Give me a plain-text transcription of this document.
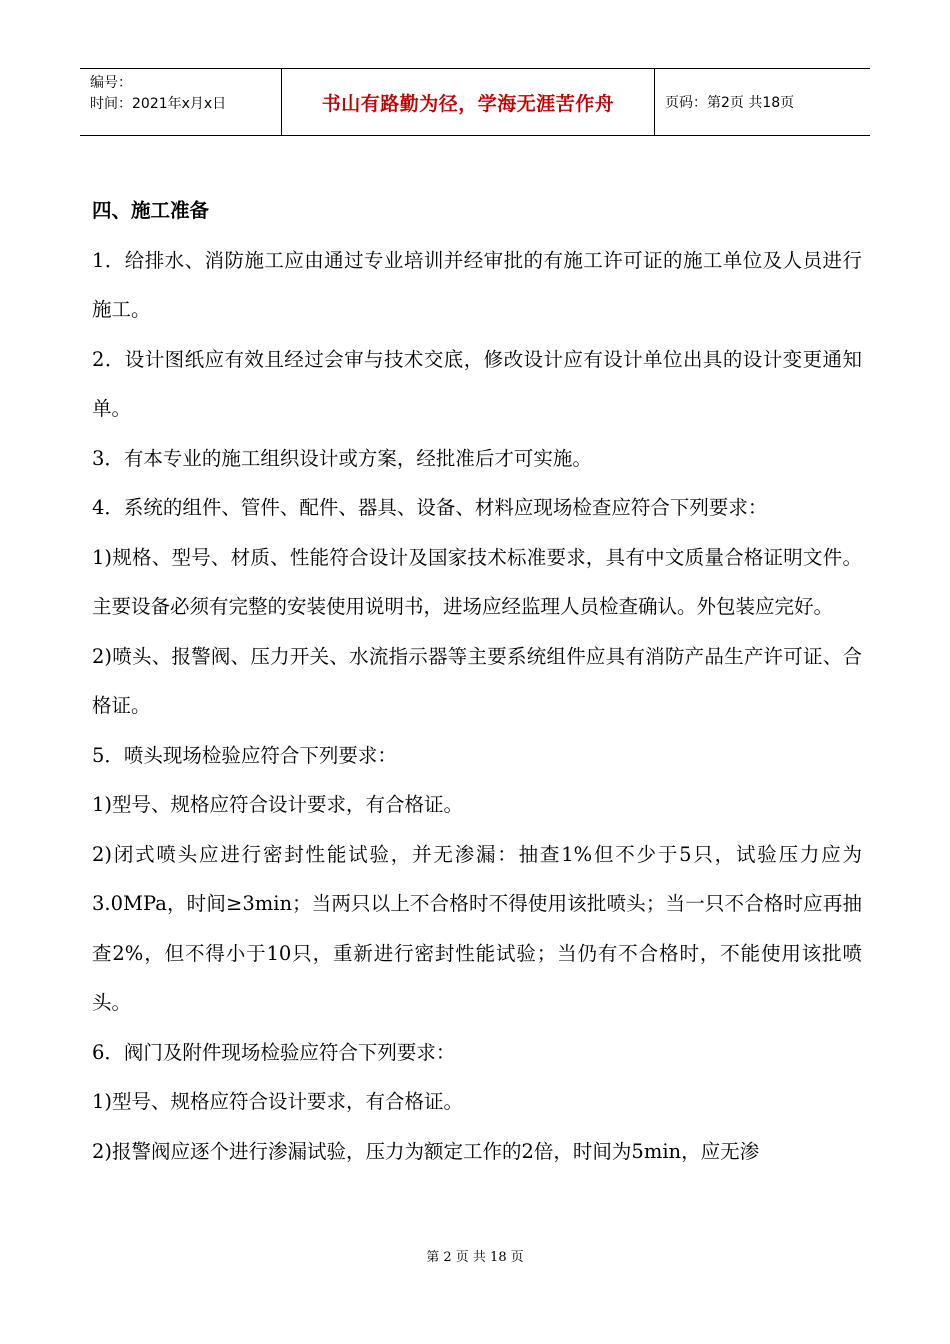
编号：
时间：2021年x月x日	书山有路勤为径，学海无涯苦作舟	页码：第2页 共18页

四、施工准备

1．给排水、消防施工应由通过专业培训并经审批的有施工许可证的施工单位及人员进行施工。

2．设计图纸应有效且经过会审与技术交底，修改设计应有设计单位出具的设计变更通知单。

3．有本专业的施工组织设计或方案，经批准后才可实施。

4．系统的组件、管件、配件、器具、设备、材料应现场检查应符合下列要求：

1)规格、型号、材质、性能符合设计及国家技术标准要求，具有中文质量合格证明文件。主要设备必须有完整的安装使用说明书，进场应经监理人员检查确认。外包装应完好。

2)喷头、报警阀、压力开关、水流指示器等主要系统组件应具有消防产品生产许可证、合格证。

5．喷头现场检验应符合下列要求：

1)型号、规格应符合设计要求，有合格证。

2)闭式喷头应进行密封性能试验，并无渗漏：抽查1%但不少于5只，试验压力应为3.0MPa，时间≥3min；当两只以上不合格时不得使用该批喷头；当一只不合格时应再抽查2%，但不得小于10只，重新进行密封性能试验；当仍有不合格时，不能使用该批喷头。

6．阀门及附件现场检验应符合下列要求：

1)型号、规格应符合设计要求，有合格证。

2)报警阀应逐个进行渗漏试验，压力为额定工作的2倍，时间为5min，应无渗

第 2 页 共 18 页
